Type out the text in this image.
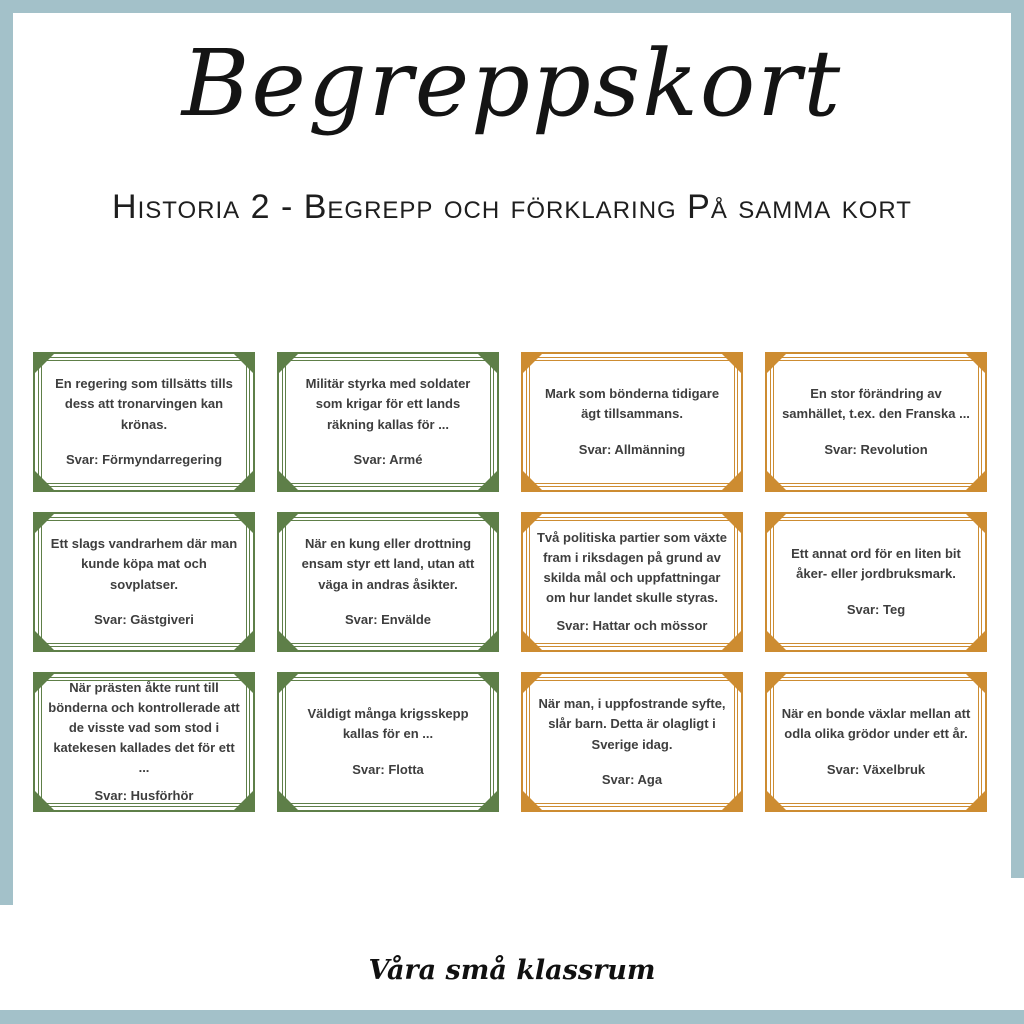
Begreppskort
Historia 2 - Begrepp och förklaring På samma kort

En regering som tillsätts tills dess att tronarvingen kan krönas.

Svar: Förmyndarregering

Militär styrka med soldater som krigar för ett lands räkning kallas för ...

Svar: Armé

Mark som bönderna tidigare ägt tillsammans.

Svar: Allmänning

En stor förändring av samhället, t.ex. den Franska ...

Svar: Revolution

Ett slags vandrarhem där man kunde köpa mat och sovplatser.

Svar: Gästgiveri

När en kung eller drottning ensam styr ett land, utan att väga in andras åsikter.

Svar: Envälde

Två politiska partier som växte fram i riksdagen på grund av skilda mål och uppfattningar om hur landet skulle styras.

Svar: Hattar och mössor

Ett annat ord för en liten bit åker- eller jordbruksmark.

Svar: Teg

När prästen åkte runt till bönderna och kontrollerade att de visste vad som stod i katekesen kallades det för ett ...

Svar: Husförhör

Väldigt många krigsskepp kallas för en ...

Svar: Flotta

När man, i uppfostrande syfte, slår barn. Detta är olagligt i Sverige idag.

Svar: Aga

När en bonde växlar mellan att odla olika grödor under ett år.

Svar: Växelbruk

Våra små klassrum
